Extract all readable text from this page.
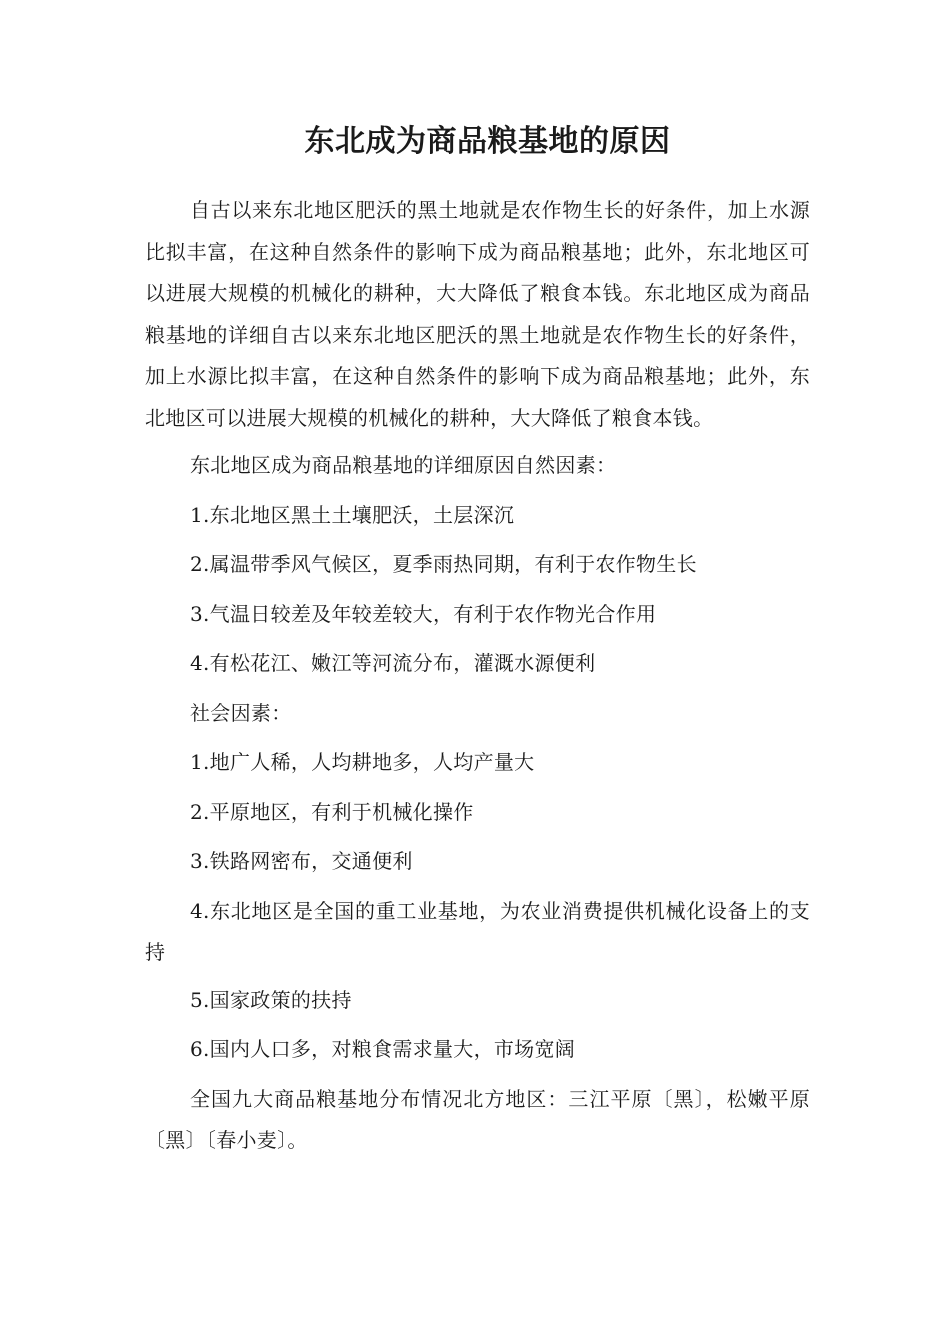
东北成为商品粮基地的原因

自古以来东北地区肥沃的黑土地就是农作物生长的好条件，加上水源比拟丰富，在这种自然条件的影响下成为商品粮基地；此外，东北地区可以进展大规模的机械化的耕种，大大降低了粮食本钱。东北地区成为商品粮基地的详细自古以来东北地区肥沃的黑土地就是农作物生长的好条件，加上水源比拟丰富，在这种自然条件的影响下成为商品粮基地；此外，东北地区可以进展大规模的机械化的耕种，大大降低了粮食本钱。

东北地区成为商品粮基地的详细原因自然因素：

1.东北地区黑土土壤肥沃，土层深沉

2.属温带季风气候区，夏季雨热同期，有利于农作物生长

3.气温日较差及年较差较大，有利于农作物光合作用

4.有松花江、嫩江等河流分布，灌溉水源便利

社会因素：

1.地广人稀，人均耕地多，人均产量大

2.平原地区，有利于机械化操作

3.铁路网密布，交通便利

4.东北地区是全国的重工业基地，为农业消费提供机械化设备上的支持

5.国家政策的扶持

6.国内人口多，对粮食需求量大，市场宽阔

全国九大商品粮基地分布情况北方地区：三江平原〔黑〕，松嫩平原〔黑〕〔春小麦〕。
